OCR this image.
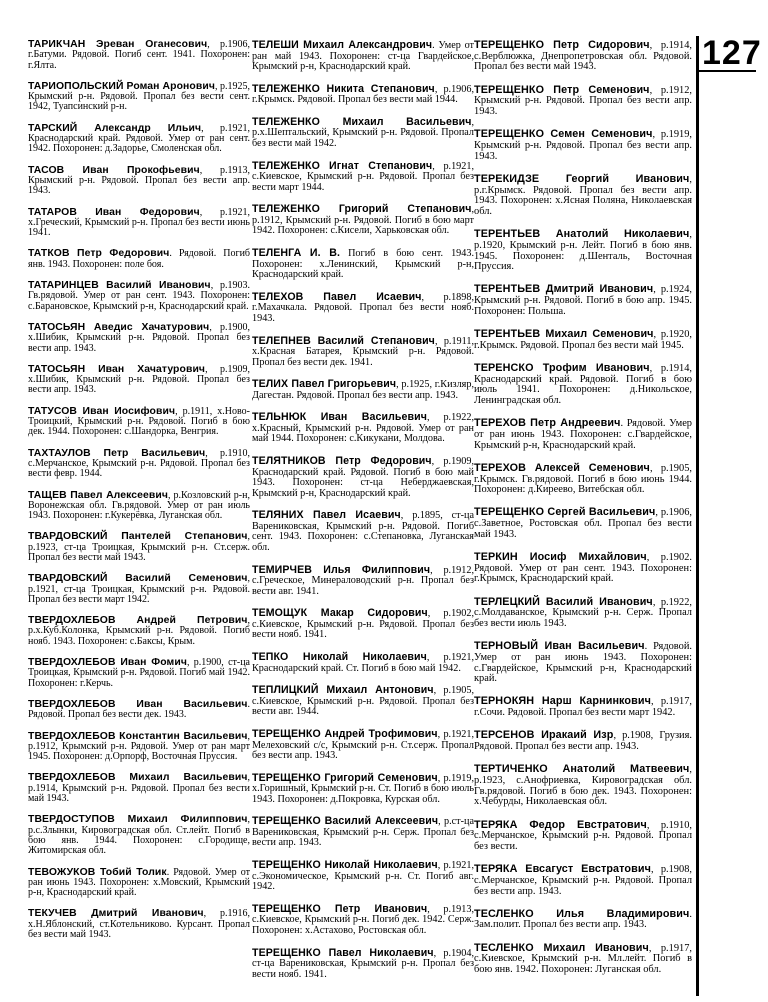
127
ТАРИКЧАН Эреван Оганесович, р.1906, г.Батуми. Рядовой. Погиб сент. 1941. Похоронен: г.Ялта.
ТАРИОПОЛЬСКИЙ Роман Аронович, р.1925, Крымский р-н. Рядовой. Пропал без вести сент. 1942, Туапсинский р-н.
ТАРСКИЙ Александр Ильич, р.1921, Краснодарский край. Рядовой. Умер от ран сент. 1942. Похоронен: д.Задорье, Смоленская обл.
ТАСОВ Иван Прокофьевич, р.1913, Крымский р-н. Рядовой. Пропал без вести апр. 1943.
ТАТАРОВ Иван Федорович, р.1921, х.Греческий, Крымский р-н. Пропал без вести июнь 1941.
ТАТКОВ Петр Федорович. Рядовой. Погиб янв. 1943. Похоронен: поле боя.
ТАТАРИНЦЕВ Василий Иванович, р.1903. Гв.рядовой. Умер от ран сент. 1943. Похоронен: с.Барановское, Крымский р-н, Краснодарский край.
ТАТОСЬЯН Аведис Хачатурович, р.1900, х.Шибик, Крымский р-н. Рядовой. Пропал без вести апр. 1943.
ТАТОСЬЯН Иван Хачатурович, р.1909, х.Шибик, Крымский р-н. Рядовой. Пропал без вести апр. 1943.
ТАТУСОВ Иван Иосифович, р.1911, х.Ново-Троицкий, Крымский р-н. Рядовой. Погиб в бою дек. 1944. Похоронен: с.Шандорка, Венгрия.
ТАХТАУЛОВ Петр Васильевич, р.1910, с.Мерчанское, Крымский р-н. Рядовой. Пропал без вести февр. 1944.
ТАЩЕВ Павел Алексеевич, р.Козловский р-н, Воронежская обл. Гв.рядовой. Умер от ран июль 1943. Похоронен: г.Кукерёвка, Луганская обл.
ТВАРДОВСКИЙ Пантелей Степанович, р.1923, ст-ца Троицкая, Крымский р-н. Ст.серж. Пропал без вести май 1943.
ТВАРДОВСКИЙ Василий Семенович, р.1921, ст-ца Троицкая, Крымский р-н. Рядовой. Пропал без вести март 1942.
ТВЕРДОХЛЕБОВ Андрей Петрович, р.х.Куб.Колонка, Крымский р-н. Рядовой. Погиб нояб. 1943. Похоронен: с.Баксы, Крым.
ТВЕРДОХЛЕБОВ Иван Фомич, р.1900, ст-ца Троицкая, Крымский р-н. Рядовой. Погиб май 1942. Похоронен: г.Керчь.
ТВЕРДОХЛЕБОВ Иван Васильевич. Рядовой. Пропал без вести дек. 1943.
ТВЕРДОХЛЕБОВ Константин Васильевич, р.1912, Крымский р-н. Рядовой. Умер от ран март 1945. Похоронен: д.Орпорф, Восточная Пруссия.
ТВЕРДОХЛЕБОВ Михаил Васильевич, р.1914, Крымский р-н. Рядовой. Пропал без вести май 1943.
ТВЕРДОСТУПОВ Михаил Филиппович, р.с.Злынки, Кировоградская обл. Ст.лейт. Погиб в бою янв. 1944. Похоронен: с.Городище, Житомирская обл.
ТЕВОЖУКОВ Тобий Толик. Рядовой. Умер от ран июнь 1943. Похоронен: х.Мовский, Крымский р-н, Краснодарский край.
ТЕКУЧЕВ Дмитрий Иванович, р.1916, х.Н.Яблонский, ст.Котельниково. Курсант. Пропал без вести май 1943.
ТЕЛЕШИ Михаил Александрович. Умер от ран май 1943. Похоронен: ст-ца Гвардейское, Крымский р-н, Краснодарский край.
ТЕЛЕЖЕНКО Никита Степанович, р.1906, г.Крымск. Рядовой. Пропал без вести май 1944.
ТЕЛЕЖЕНКО Михаил Васильевич, р.х.Шептальский, Крымский р-н. Рядовой. Пропал без вести май 1942.
ТЕЛЕЖЕНКО Игнат Степанович, р.1921, с.Киевское, Крымский р-н. Рядовой. Пропал без вести март 1944.
ТЕЛЕЖЕНКО Григорий Степанович, р.1912, Крымский р-н. Рядовой. Погиб в бою март 1942. Похоронен: с.Кисели, Харьковская обл.
ТЕЛЕНГА И. В. Погиб в бою сент. 1943. Похоронен: х.Ленинский, Крымский р-н, Краснодарский край.
ТЕЛЕХОВ Павел Исаевич, р.1898, г.Махачкала. Рядовой. Пропал без вести нояб. 1943.
ТЕЛЕПНЕВ Василий Степанович, р.1911, х.Красная Батарея, Крымский р-н. Рядовой. Пропал без вести дек. 1941.
ТЕЛИХ Павел Григорьевич, р.1925, г.Кизляр, Дагестан. Рядовой. Пропал без вести апр. 1943.
ТЕЛЬНЮК Иван Васильевич, р.1922, х.Красный, Крымский р-н. Рядовой. Умер от ран май 1944. Похоронен: с.Кикукани, Молдова.
ТЕЛЯТНИКОВ Петр Федорович, р.1909, Краснодарский край. Рядовой. Погиб в бою май 1943. Похоронен: ст-ца Неберджаевская, Крымский р-н, Краснодарский край.
ТЕЛЯНИХ Павел Исаевич, р.1895, ст-ца Варениковская, Крымский р-н. Рядовой. Погиб сент. 1943. Похоронен: с.Степановка, Луганская обл.
ТЕМИРЧЕВ Илья Филиппович, р.1912, с.Греческое, Минераловодский р-н. Пропал без вести авг. 1941.
ТЕМОЩУК Макар Сидорович, р.1902, с.Киевское, Крымский р-н. Рядовой. Пропал без вести нояб. 1941.
ТЕПКО Николай Николаевич, р.1921, Краснодарский край. Ст. Погиб в бою май 1942.
ТЕПЛИЦКИЙ Михаил Антонович, р.1905, с.Киевское, Крымский р-н. Рядовой. Пропал без вести авг. 1944.
ТЕРЕЩЕНКО Андрей Трофимович, р.1921, Мелеховский с/с, Крымский р-н. Ст.серж. Пропал без вести апр. 1943.
ТЕРЕЩЕНКО Григорий Семенович, р.1919, х.Горишный, Крымский р-н. Ст. Погиб в бою июль 1943. Похоронен: д.Покровка, Курская обл.
ТЕРЕЩЕНКО Василий Алексеевич, р.ст-ца Варениковская, Крымский р-н. Серж. Пропал без вести апр. 1943.
ТЕРЕЩЕНКО Николай Николаевич, р.1921, с.Экономическое, Крымский р-н. Ст. Погиб авг. 1942.
ТЕРЕЩЕНКО Петр Иванович, р.1913, с.Киевское, Крымский р-н. Погиб дек. 1942. Серж. Похоронен: х.Астахово, Ростовская обл.
ТЕРЕЩЕНКО Павел Николаевич, р.1904, ст-ца Варениковская, Крымский р-н. Пропал без вести нояб. 1941.
ТЕРЕЩЕНКО Петр Сидорович, р.1914, с.Верблюжка, Днепропетровская обл. Рядовой. Пропал без вести май 1943.
ТЕРЕЩЕНКО Петр Семенович, р.1912, Крымский р-н. Рядовой. Пропал без вести апр. 1943.
ТЕРЕЩЕНКО Семен Семенович, р.1919, Крымский р-н. Рядовой. Пропал без вести апр. 1943.
ТЕРЕКИДЗЕ Георгий Иванович, р.г.Крымск. Рядовой. Пропал без вести апр. 1943. Похоронен: х.Ясная Поляна, Николаевская обл.
ТЕРЕНТЬЕВ Анатолий Николаевич, р.1920, Крымский р-н. Лейт. Погиб в бою янв. 1945. Похоронен: д.Шенталь, Восточная Пруссия.
ТЕРЕНТЬЕВ Дмитрий Иванович, р.1924, Крымский р-н. Рядовой. Погиб в бою апр. 1945. Похоронен: Польша.
ТЕРЕНТЬЕВ Михаил Семенович, р.1920, г.Крымск. Рядовой. Пропал без вести май 1945.
ТЕРЕНСКО Трофим Иванович, р.1914, Краснодарский край. Рядовой. Погиб в бою июль 1941. Похоронен: д.Никольское, Ленинградская обл.
ТЕРЕХОВ Петр Андреевич. Рядовой. Умер от ран июнь 1943. Похоронен: с.Гвардейское, Крымский р-н, Краснодарский край.
ТЕРЕХОВ Алексей Семенович, р.1905, г.Крымск. Гв.рядовой. Погиб в бою июнь 1944. Похоронен: д.Киреево, Витебская обл.
ТЕРЕЩЕНКО Сергей Васильевич, р.1906, с.Заветное, Ростовская обл. Пропал без вести май 1943.
ТЕРКИН Иосиф Михайлович, р.1902. Рядовой. Умер от ран сент. 1943. Похоронен: г.Крымск, Краснодарский край.
ТЕРЛЕЦКИЙ Василий Иванович, р.1922, с.Молдаванское, Крымский р-н. Серж. Пропал без вести июль 1943.
ТЕРНОВЫЙ Иван Васильевич. Рядовой. Умер от ран июнь 1943. Похоронен: с.Гвардейское, Крымский р-н, Краснодарский край.
ТЕРНОКЯН Нарш Карнинкович, р.1917, г.Сочи. Рядовой. Пропал без вести март 1942.
ТЕРСЕНОВ Иракаий Изр, р.1908, Грузия. Рядовой. Пропал без вести апр. 1943.
ТЕРТИЧЕНКО Анатолий Матвеевич, р.1923, с.Анофриевка, Кировоградская обл. Гв.рядовой. Погиб в бою дек. 1943. Похоронен: х.Чебурды, Николаевская обл.
ТЕРЯКА Федор Евстратович, р.1910, с.Мерчанское, Крымский р-н. Рядовой. Пропал без вести.
ТЕРЯКА Евсагуст Евстратович, р.1908, с.Мерчанское, Крымский р-н. Рядовой. Пропал без вести апр. 1943.
ТЕСЛЕНКО Илья Владимирович. Зам.полит. Пропал без вести апр. 1943.
ТЕСЛЕНКО Михаил Иванович, р.1917, с.Киевское, Крымский р-н. Мл.лейт. Погиб в бою янв. 1942. Похоронен: Луганская обл.
